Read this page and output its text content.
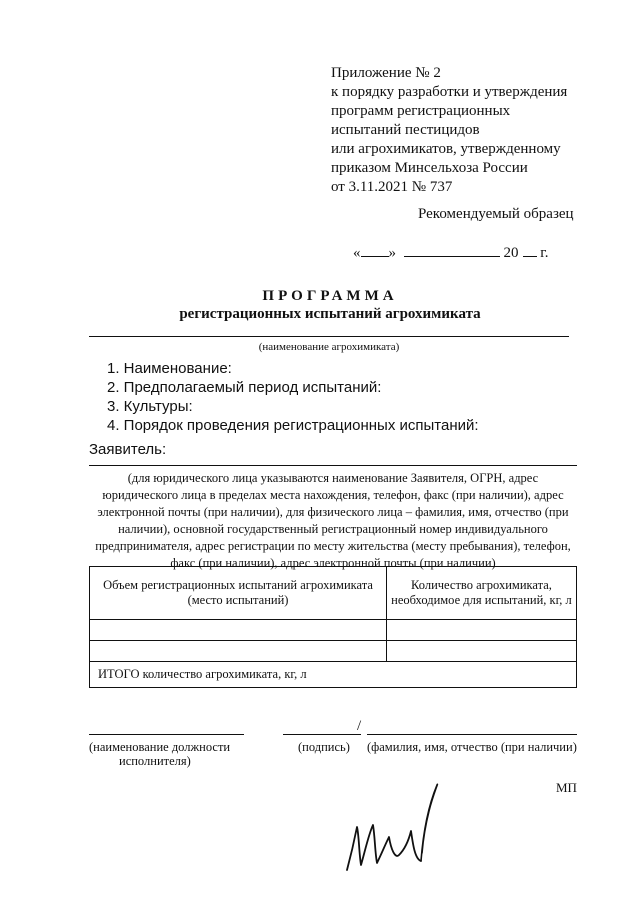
Приложение № 2
к порядку разработки и утверждения
программ регистрационных
испытаний пестицидов
или агрохимикатов, утвержденному
приказом Минсельхоза России
от 3.11.2021 № 737
Рекомендуемый образец
« »	20 г.
ПРОГРАММА
регистрационных испытаний агрохимиката
(наименование агрохимиката)
1. Наименование:
2. Предполагаемый период испытаний:
3. Культуры:
4. Порядок проведения регистрационных испытаний:
Заявитель:
(для юридического лица указываются наименование Заявителя, ОГРН, адрес юридического лица в пределах места нахождения, телефон, факс (при наличии), адрес электронной почты (при наличии), для физического лица – фамилия, имя, отчество (при наличии), основной государственный регистрационный номер индивидуального предпринимателя, адрес регистрации по месту жительства (месту пребывания), телефон, факс (при наличии), адрес электронной почты (при наличии)
Объем регистрационных испытаний агрохимиката (место испытаний)	Количество агрохимиката, необходимое для испытаний, кг, л

ИТОГО количество агрохимиката, кг, л	
/
(наименование должности
исполнителя)
(подпись) (фамилия, имя, отчество (при наличии)
МП
